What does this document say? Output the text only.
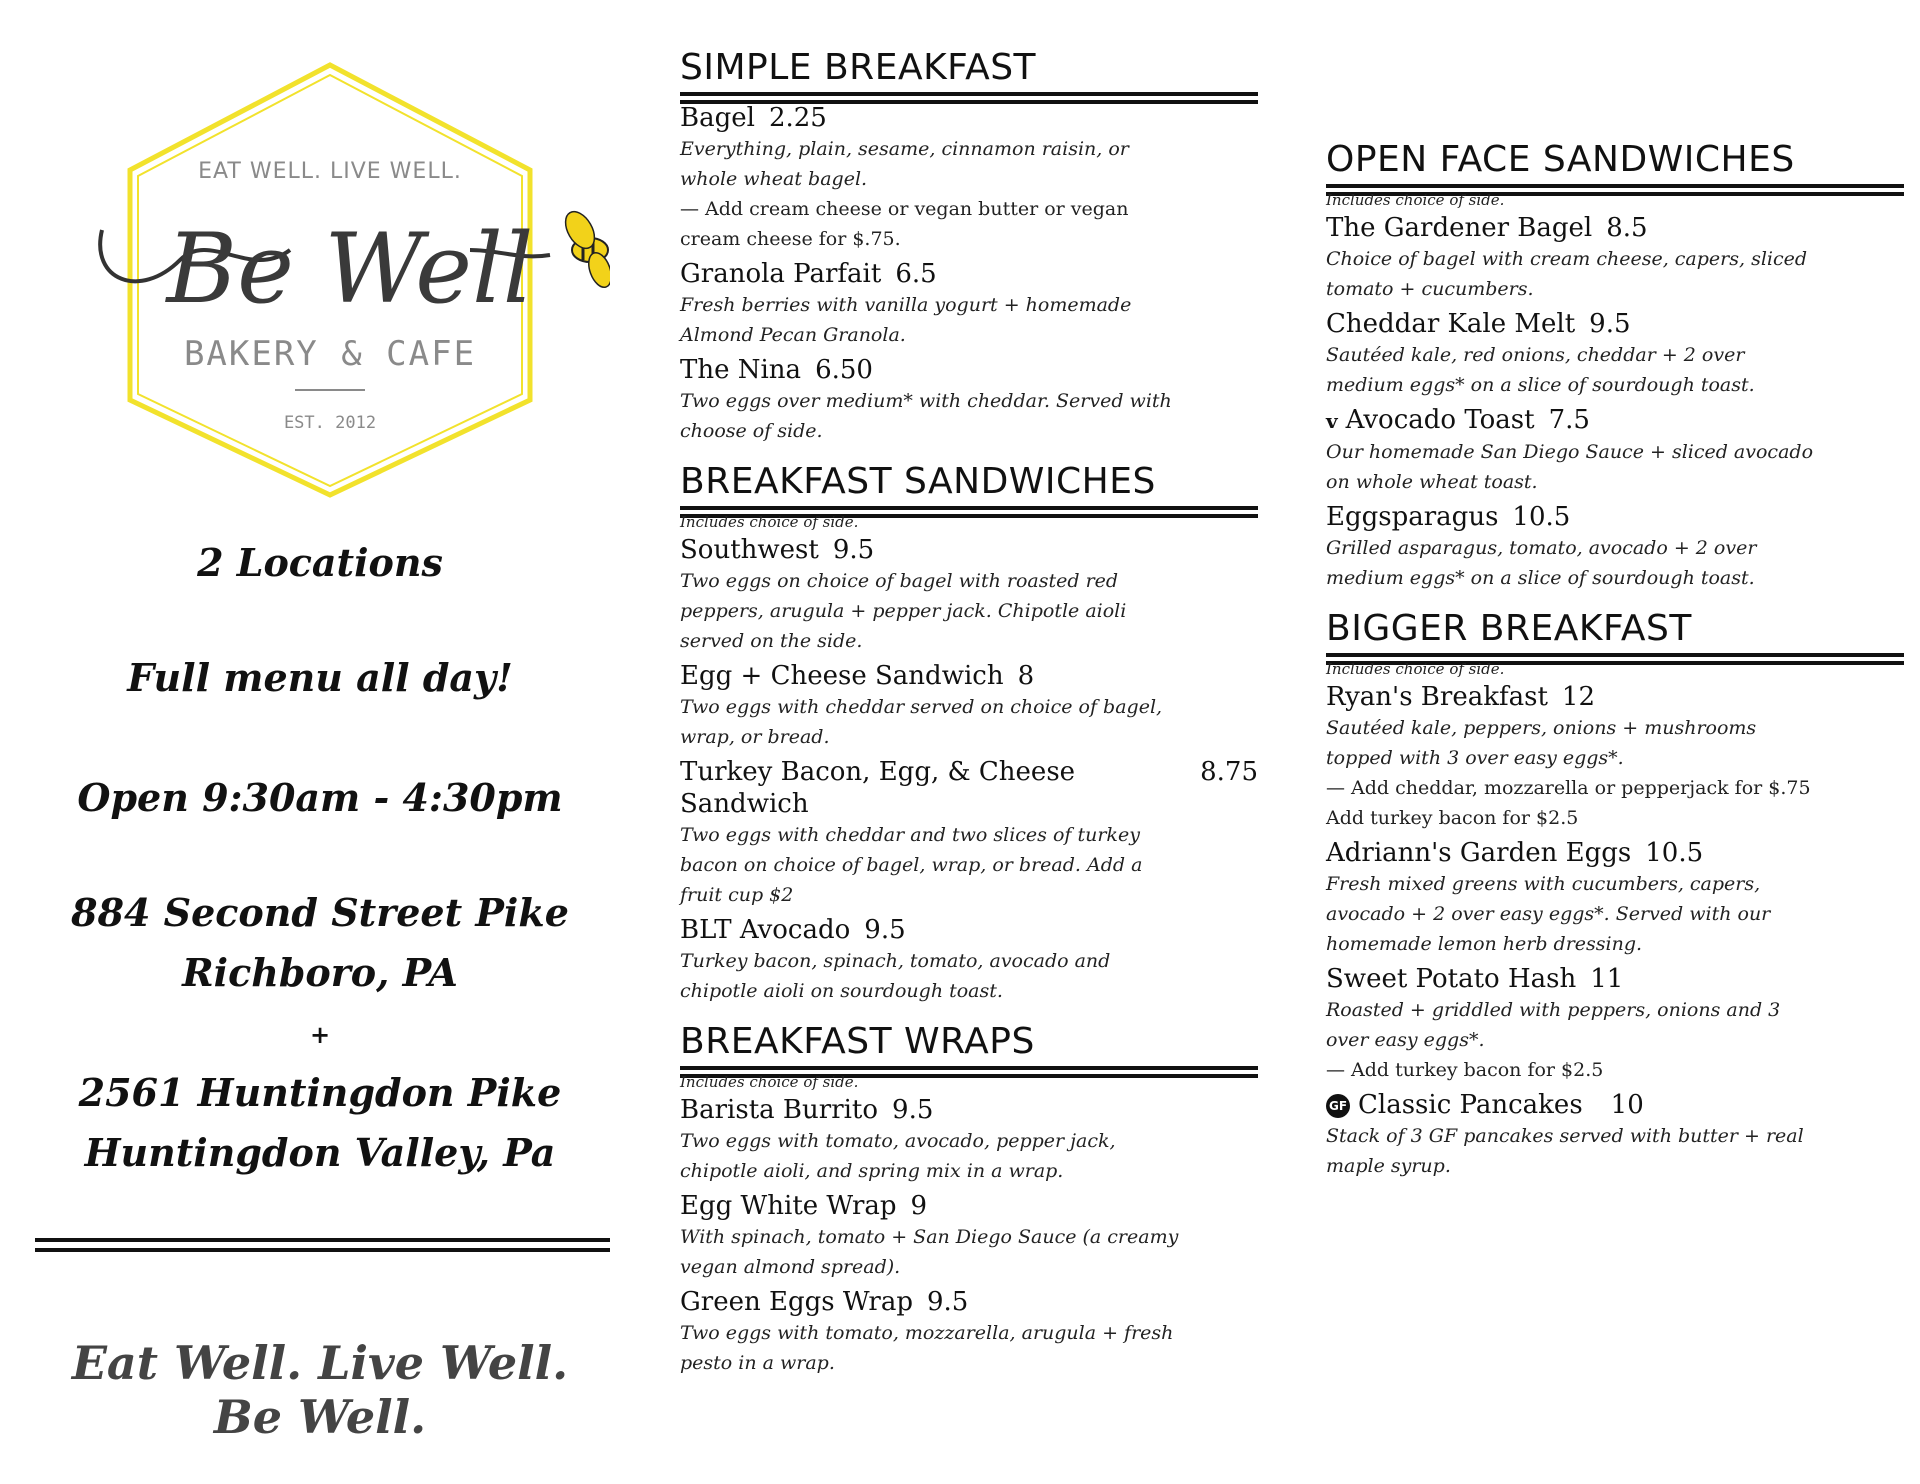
EAT WELL. LIVE WELL.
Be Well
BAKERY & CAFE
EST. 2012
2 Locations
Full menu all day!
Open 9:30am - 4:30pm
884 Second Street Pike
Richboro, PA
+
2561 Huntingdon Pike
Huntingdon Valley, Pa
Eat Well. Live Well. Be Well.
SIMPLE BREAKFAST
Bagel 2.25
Everything, plain, sesame, cinnamon raisin, or whole wheat bagel.
— Add cream cheese or vegan butter or vegan cream cheese for $.75.
Granola Parfait 6.5
Fresh berries with vanilla yogurt + homemade Almond Pecan Granola.
The Nina 6.50
Two eggs over medium* with cheddar. Served with choose of side.
BREAKFAST SANDWICHES
Includes choice of side.
Southwest 9.5
Two eggs on choice of bagel with roasted red peppers, arugula + pepper jack. Chipotle aioli served on the side.
Egg + Cheese Sandwich 8
Two eggs with cheddar served on choice of bagel, wrap, or bread.
Turkey Bacon, Egg, & Cheese Sandwich
8.75
Two eggs with cheddar and two slices of turkey bacon on choice of bagel, wrap, or bread. Add a fruit cup $2
BLT Avocado 9.5
Turkey bacon, spinach, tomato, avocado and chipotle aioli on sourdough toast.
BREAKFAST WRAPS
Includes choice of side.
Barista Burrito 9.5
Two eggs with tomato, avocado, pepper jack, chipotle aioli, and spring mix in a wrap.
Egg White Wrap 9
With spinach, tomato + San Diego Sauce (a creamy vegan almond spread).
Green Eggs Wrap 9.5
Two eggs with tomato, mozzarella, arugula + fresh pesto in a wrap.
OPEN FACE SANDWICHES
Includes choice of side.
The Gardener Bagel 8.5
Choice of bagel with cream cheese, capers, sliced tomato + cucumbers.
Cheddar Kale Melt 9.5
Sautéed kale, red onions, cheddar + 2 over medium eggs* on a slice of sourdough toast.
v Avocado Toast 7.5
Our homemade San Diego Sauce + sliced avocado on whole wheat toast.
Eggsparagus 10.5
Grilled asparagus, tomato, avocado + 2 over medium eggs* on a slice of sourdough toast.
BIGGER BREAKFAST
Includes choice of side.
Ryan's Breakfast 12
Sautéed kale, peppers, onions + mushrooms topped with 3 over easy eggs*.
— Add cheddar, mozzarella or pepperjack for $.75
Add turkey bacon for $2.5
Adriann's Garden Eggs 10.5
Fresh mixed greens with cucumbers, capers, avocado + 2 over easy eggs*. Served with our homemade lemon herb dressing.
Sweet Potato Hash 11
Roasted + griddled with peppers, onions and 3 over easy eggs*.
— Add turkey bacon for $2.5
GF Classic Pancakes 10
Stack of 3 GF pancakes served with butter + real maple syrup.
